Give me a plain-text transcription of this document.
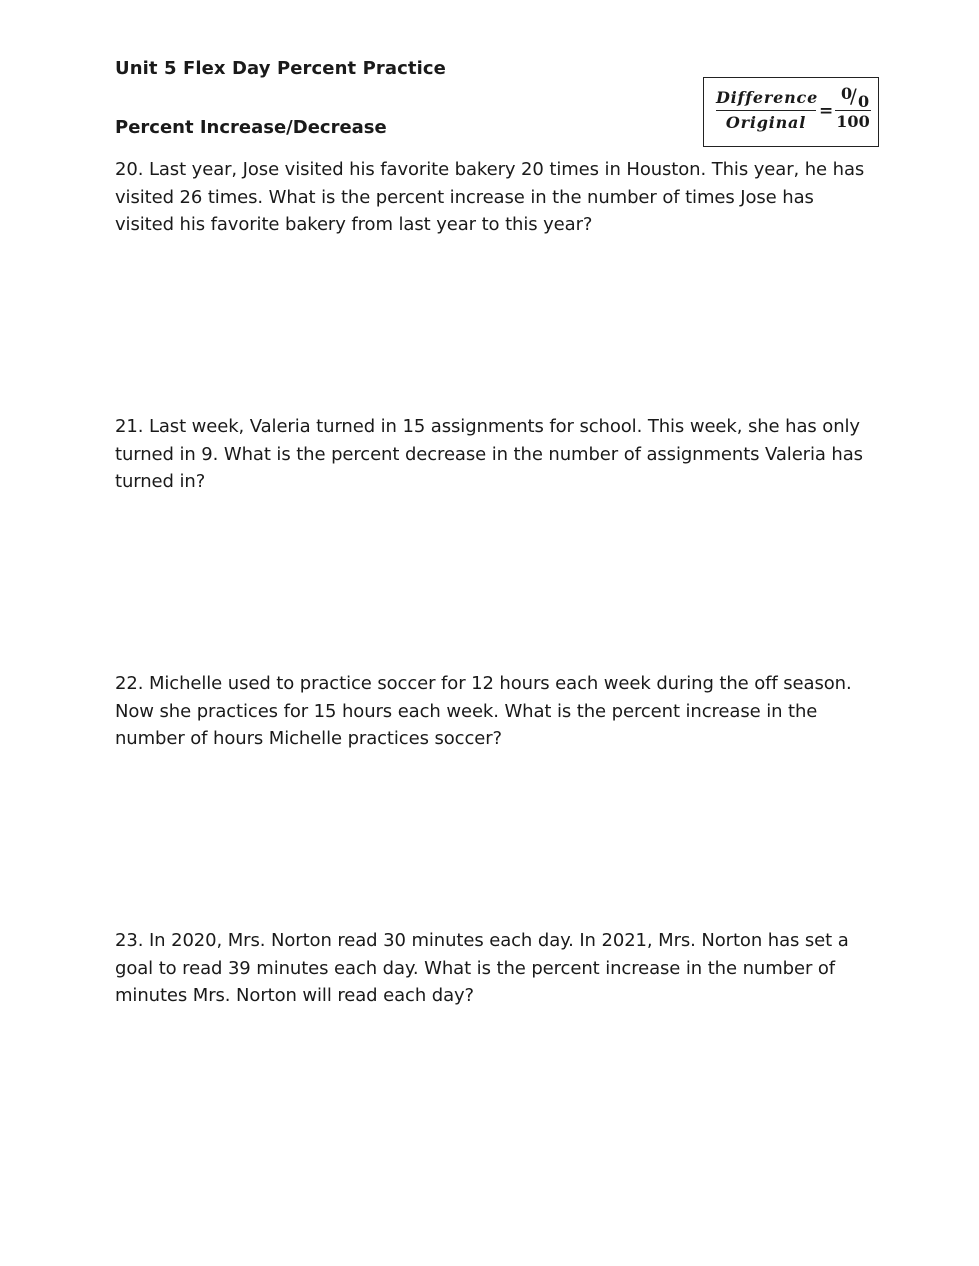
Unit 5 Flex Day Percent Practice
Percent Increase/Decrease
Difference
Original
=
0
/ 0
100
20. Last year, Jose visited his favorite bakery 20 times in Houston. This year, he has visited 26 times. What is the percent increase in the number of times Jose has visited his favorite bakery from last year to this year?
21. Last week, Valeria turned in 15 assignments for school. This week, she has only turned in 9. What is the percent decrease in the number of assignments Valeria has turned in?
22. Michelle used to practice soccer for 12 hours each week during the off season. Now she practices for 15 hours each week. What is the percent increase in the number of hours Michelle practices soccer?
23. In 2020, Mrs. Norton read 30 minutes each day. In 2021, Mrs. Norton has set a goal to read 39 minutes each day. What is the percent increase in the number of minutes Mrs. Norton will read each day?
